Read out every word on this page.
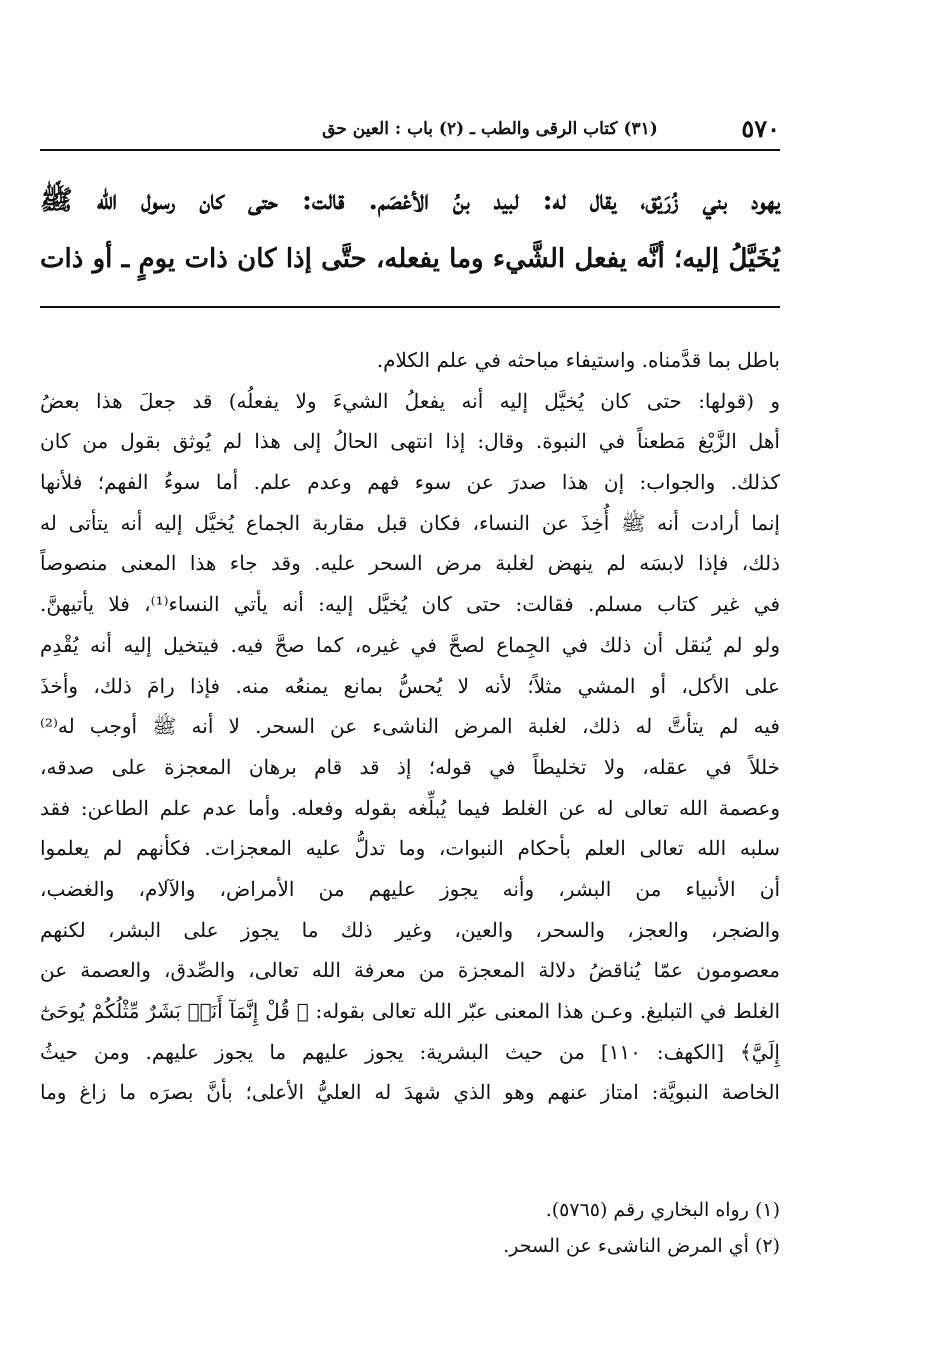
٥٧٠
(٣١) كتاب الرقى والطب ـ (٢) باب : العين حق

يهود بني زُرَيْق، يقال له: لبيد بنُ الأعْصَم. قالت: حتى كان رسول الله ﷺ

يُخَيَّلُ إليه؛ أنَّه يفعل الشَّيء وما يفعله، حتَّى إذا كان ذات يومٍ ـ أو ذات

باطل بما قدَّمناه. واستيفاء مباحثه في علم الكلام.
و (قولها: حتى كان يُخيَّل إليه أنه يفعلُ الشيءَ ولا يفعلُه) قد جعلَ هذا بعضُ
أهل الزَّيْغ مَطعناً في النبوة. وقال: إذا انتهى الحالُ إلى هذا لم يُوثق بقول من كان
كذلك. والجواب: إن هذا صدرَ عن سوء فهم وعدم علم. أما سوءُ الفهم؛ فلأنها
إنما أرادت أنه ﷺ أُخِذَ عن النساء، فكان قبل مقاربة الجماع يُخيَّل إليه أنه يتأتى له
ذلك، فإذا لابسَه لم ينهض لغلبة مرض السحر عليه. وقد جاء هذا المعنى منصوصاً
في غير كتاب مسلم. فقالت: حتى كان يُخيَّل إليه: أنه يأتي النساء⁽¹⁾، فلا يأتيهنَّ.
ولو لم يُنقل أن ذلك في الجِماع لصحَّ في غيره، كما صحَّ فيه. فيتخيل إليه أنه يُقْدِم
على الأكل، أو المشي مثلاً؛ لأنه لا يُحسُّ بمانع يمنعُه منه. فإذا رامَ ذلك، وأخذَ
فيه لم يتأتَّ له ذلك، لغلبة المرض الناشىء عن السحر. لا أنه ﷺ أوجب له⁽²⁾
خللاً في عقله، ولا تخليطاً في قوله؛ إذ قد قام برهان المعجزة على صدقه،
وعصمة الله تعالى له عن الغلط فيما يُبلِّغه بقوله وفعله. وأما عدم علم الطاعن: فقد
سلبه الله تعالى العلم بأحكام النبوات، وما تدلُّ عليه المعجزات. فكأنهم لم يعلموا
أن الأنبياء من البشر، وأنه يجوز عليهم من الأمراض، والآلام، والغضب،
والضجر، والعجز، والسحر، والعين، وغير ذلك ما يجوز على البشر، لكنهم
معصومون عمّا يُناقضُ دلالة المعجزة من معرفة الله تعالى، والصِّدق، والعصمة عن
الغلط في التبليغ. وعـن هذا المعنى عبّر الله تعالى بقوله: ﴿ قُلْ إِنَّمَآ أَنَا۠ بَشَرٌ مِّثْلُكُمْ يُوحَىٰٓ
إِلَيَّ﴾ [الكهف: ١١٠] من حيث البشرية: يجوز عليهم ما يجوز عليهم. ومن حيثُ
الخاصة النبويَّة: امتاز عنهم وهو الذي شهدَ له العليُّ الأعلى؛ بأنَّ بصرَه ما زاغ وما
(١) رواه البخاري رقم (٥٧٦٥).
(٢) أي المرض الناشىء عن السحر.
